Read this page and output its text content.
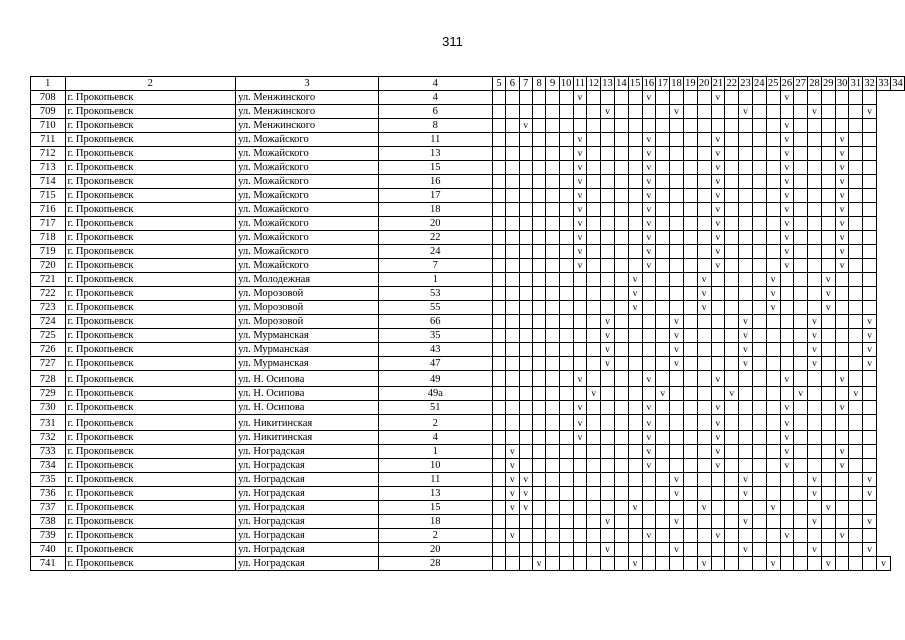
311
1	2	3	4	5	6	7	8	9	10	11	12	13	14	15	16	17	18	19	20	21	22	23	24	25	26	27	28	29	30	31	32	33	34
708	г. Прокопьевск	ул. Менжинского	4							v					v					v					v								
709	г. Прокопьевск	ул. Менжинского	6									v					v					v					v				v		
710	г. Прокопьевск	ул. Менжинского	8			v																			v								
711	г. Прокопьевск	ул. Можайского	11							v					v					v					v				v				
712	г. Прокопьевск	ул. Можайского	13							v					v					v					v				v				
713	г. Прокопьевск	ул. Можайского	15							v					v					v					v				v				
714	г. Прокопьевск	ул. Можайского	16							v					v					v					v				v				
715	г. Прокопьевск	ул. Можайского	17							v					v					v					v				v				
716	г. Прокопьевск	ул. Можайского	18							v					v					v					v				v				
717	г. Прокопьевск	ул. Можайского	20							v					v					v					v				v				
718	г. Прокопьевск	ул. Можайского	22							v					v					v					v				v				
719	г. Прокопьевск	ул. Можайского	24							v					v					v					v				v				
720	г. Прокопьевск	ул. Можайского	7							v					v					v					v				v				
721	г. Прокопьевск	ул. Молодежная	1											v					v					v				v					
722	г. Прокопьевск	ул. Морозовой	53											v					v					v				v					
723	г. Прокопьевск	ул. Морозовой	55											v					v					v				v					
724	г. Прокопьевск	ул. Морозовой	66									v					v					v					v				v		
725	г. Прокопьевск	ул. Мурманская	35									v					v					v					v				v		
726	г. Прокопьевск	ул. Мурманская	43									v					v					v					v				v		
727	г. Прокопьевск	ул. Мурманская	47									v					v					v					v				v		
728	г. Прокопьевск	ул. Н. Осипова	49							v					v					v					v				v				
729	г. Прокопьевск	ул. Н. Осипова	49а								v					v					v					v				v			
730	г. Прокопьевск	ул. Н. Осипова	51							v					v					v					v				v				
731	г. Прокопьевск	ул. Никитинская	2							v					v					v					v								
732	г. Прокопьевск	ул. Никитинская	4							v					v					v					v								
733	г. Прокопьевск	ул. Ноградская	1		v										v					v					v				v				
734	г. Прокопьевск	ул. Ноградская	10		v										v					v					v				v				
735	г. Прокопьевск	ул. Ноградская	11		v	v											v					v					v				v		
736	г. Прокопьевск	ул. Ноградская	13		v	v											v					v					v				v		
737	г. Прокопьевск	ул. Ноградская	15		v	v								v					v					v				v					
738	г. Прокопьевск	ул. Ноградская	18									v					v					v					v				v		
739	г. Прокопьевск	ул. Ноградская	2		v										v					v					v				v				
740	г. Прокопьевск	ул. Ноградская	20									v					v					v					v				v		
741	г. Прокопьевск	ул. Ноградская	28				v							v					v					v				v				v	
